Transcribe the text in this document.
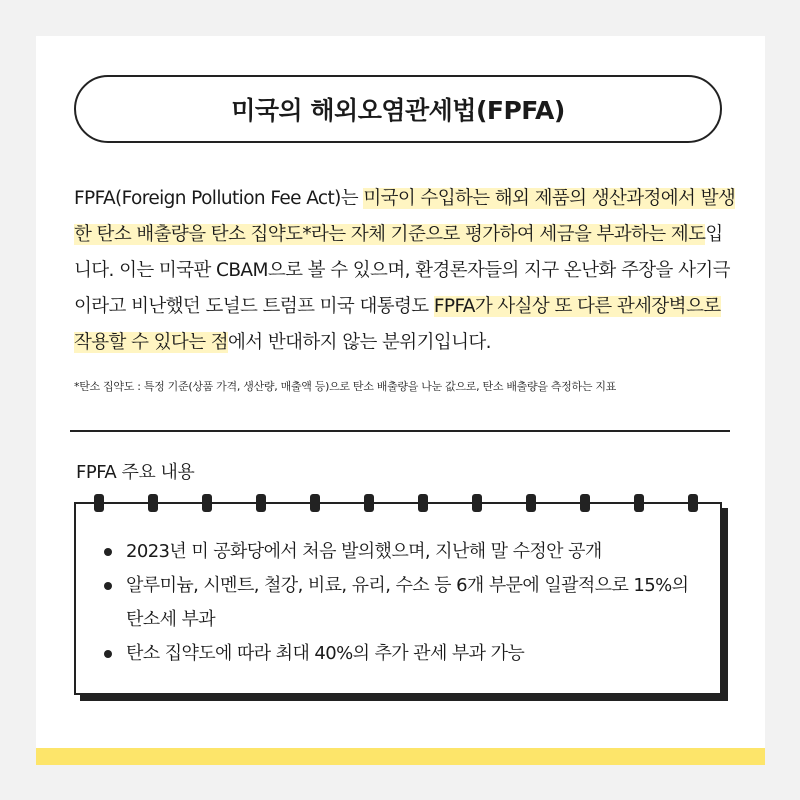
미국의 해외오염관세법(FPFA)

FPFA(Foreign Pollution Fee Act)는 미국이 수입하는 해외 제품의 생산과정에서 발생한 탄소 배출량을 탄소 집약도*라는 자체 기준으로 평가하여 세금을 부과하는 제도입니다. 이는 미국판 CBAM으로 볼 수 있으며, 환경론자들의 지구 온난화 주장을 사기극이라고 비난했던 도널드 트럼프 미국 대통령도 FPFA가 사실상 또 다른 관세장벽으로 작용할 수 있다는 점에서 반대하지 않는 분위기입니다.

*탄소 집약도 : 특정 기준(상품 가격, 생산량, 매출액 등)으로 탄소 배출량을 나눈 값으로, 탄소 배출량을 측정하는 지표
FPFA 주요 내용
2023년 미 공화당에서 처음 발의했으며, 지난해 말 수정안 공개
알루미늄, 시멘트, 철강, 비료, 유리, 수소 등 6개 부문에 일괄적으로 15%의 탄소세 부과
탄소 집약도에 따라 최대 40%의 추가 관세 부과 가능
